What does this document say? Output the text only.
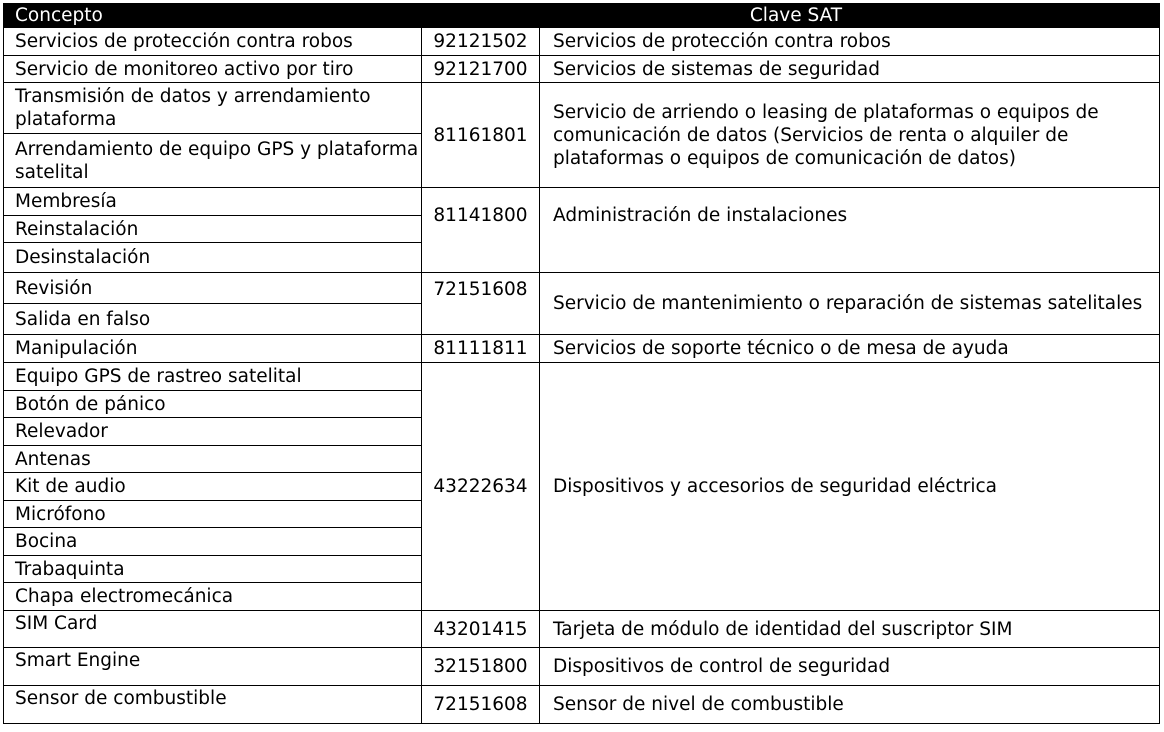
Concepto	Clave SAT	
Servicios de protección contra robos	92121502	Servicios de protección contra robos
Servicio de monitoreo activo por tiro	92121700	Servicios de sistemas de seguridad
Transmisión de datos y arrendamiento plataforma	81161801	Servicio de arriendo o leasing de plataformas o equipos de comunicación de datos (Servicios de renta o alquiler de plataformas o equipos de comunicación de datos)
Arrendamiento de equipo GPS y plataforma satelital		
Membresía	81141800	Administración de instalaciones
Reinstalación		
Desinstalación		
Revisión	72151608	Servicio de mantenimiento o reparación de sistemas satelitales
Salida en falso		
Manipulación	81111811	Servicios de soporte técnico o de mesa de ayuda
Equipo GPS de rastreo satelital	43222634	Dispositivos y accesorios de seguridad eléctrica
Botón de pánico		
Relevador		
Antenas		
Kit de audio		
Micrófono		
Bocina		
Trabaquinta		
Chapa electromecánica		
SIM Card	43201415	Tarjeta de módulo de identidad del suscriptor SIM
Smart Engine	32151800	Dispositivos de control de seguridad
Sensor de combustible	72151608	Sensor de nivel de combustible
